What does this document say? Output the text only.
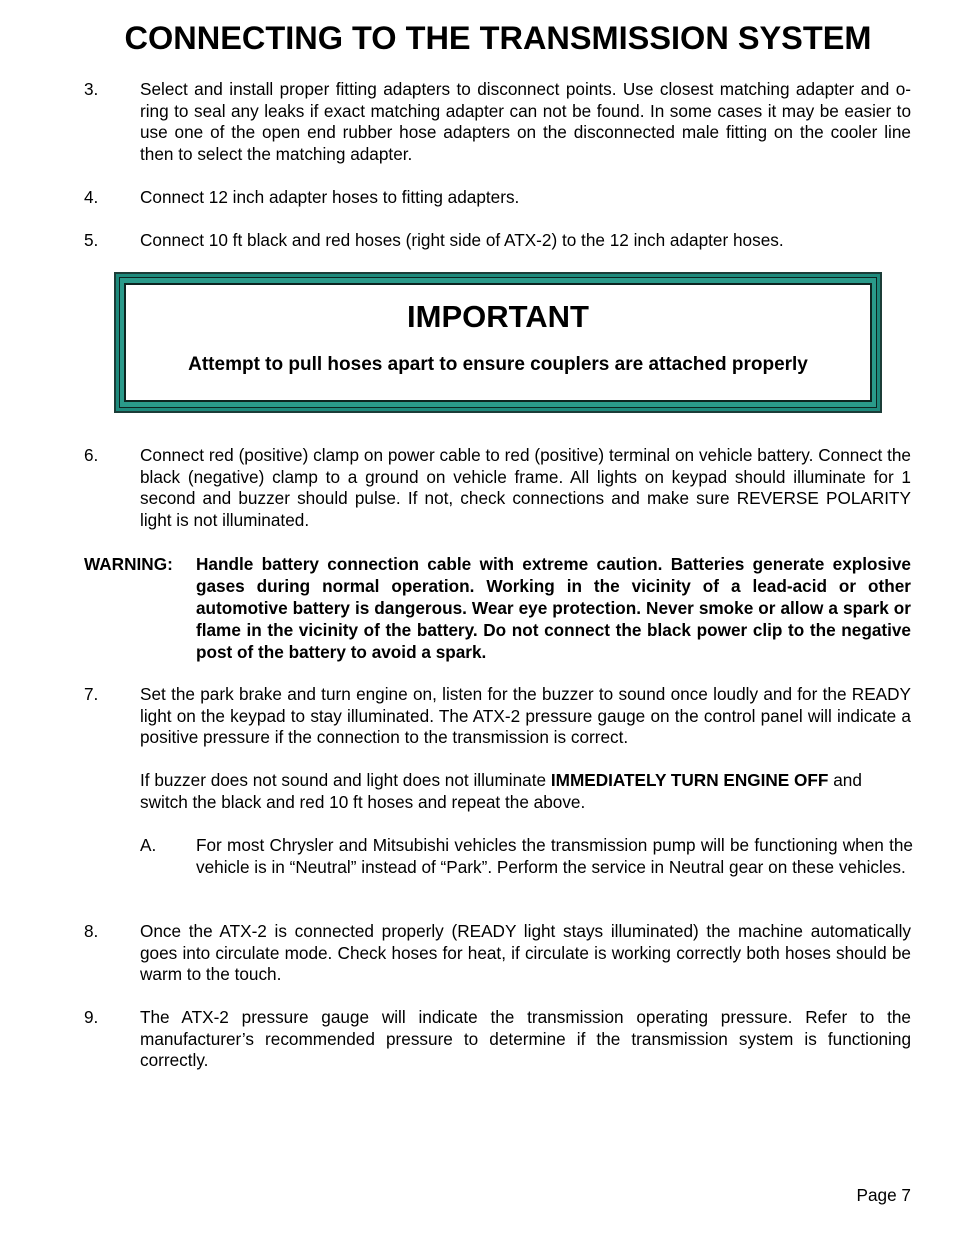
CONNECTING TO THE TRANSMISSION SYSTEM
3. Select and install proper fitting adapters to disconnect points. Use closest matching adapter and o-ring to seal any leaks if exact matching adapter can not be found. In some cases it may be easier to use one of the open end rubber hose adapters on the disconnected male fitting on the cooler line then to select the matching adapter.
4. Connect 12 inch adapter hoses to fitting adapters.
5. Connect 10 ft black and red hoses (right side of ATX-2) to the 12 inch adapter hoses.
IMPORTANT
Attempt to pull hoses apart to ensure couplers are attached properly
6. Connect red (positive) clamp on power cable to red (positive) terminal on vehicle battery. Connect the black (negative) clamp to a ground on vehicle frame. All lights on keypad should illuminate for 1 second and buzzer should pulse. If not, check connections and make sure REVERSE POLARITY light is not illuminated.
WARNING: Handle battery connection cable with extreme caution. Batteries generate explosive gases during normal operation. Working in the vicinity of a lead-acid or other automotive battery is dangerous. Wear eye protection. Never smoke or allow a spark or flame in the vicinity of the battery. Do not connect the black power clip to the negative post of the battery to avoid a spark.
7. Set the park brake and turn engine on, listen for the buzzer to sound once loudly and for the READY light on the keypad to stay illuminated. The ATX-2 pressure gauge on the control panel will indicate a positive pressure if the connection to the transmission is correct.
If buzzer does not sound and light does not illuminate IMMEDIATELY TURN ENGINE OFF and switch the black and red 10 ft hoses and repeat the above.
A. For most Chrysler and Mitsubishi vehicles the transmission pump will be functioning when the vehicle is in “Neutral” instead of “Park”. Perform the service in Neutral gear on these vehicles.
8. Once the ATX-2 is connected properly (READY light stays illuminated) the machine automatically goes into circulate mode. Check hoses for heat, if circulate is working correctly both hoses should be warm to the touch.
9. The ATX-2 pressure gauge will indicate the transmission operating pressure. Refer to the manufacturer’s recommended pressure to determine if the transmission system is functioning correctly.
Page 7
